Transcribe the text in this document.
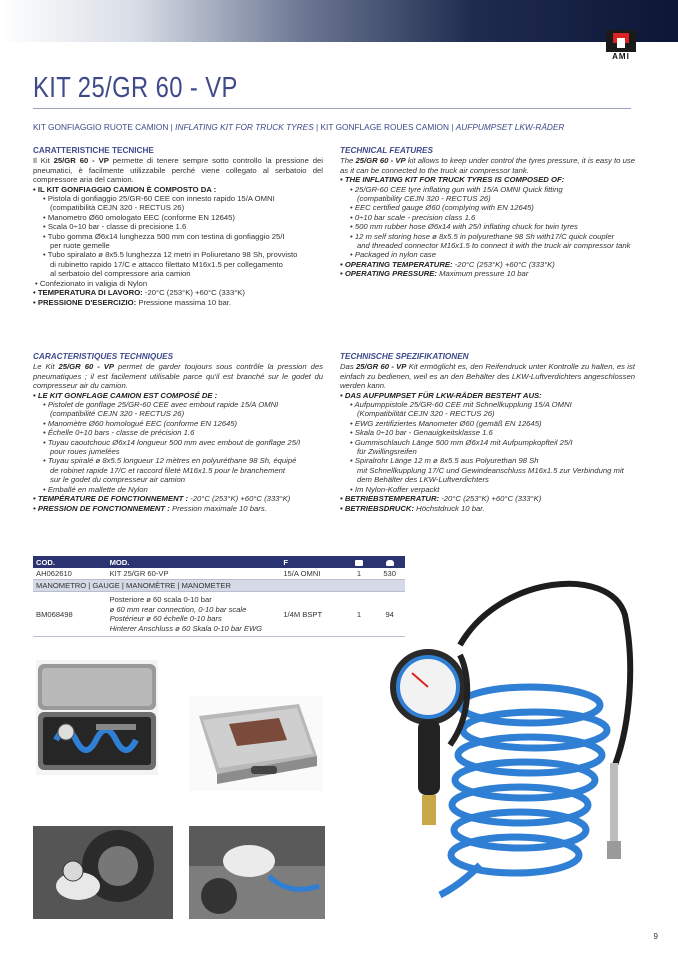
AMI
KIT 25/GR 60 - VP
KIT GONFIAGGIO RUOTE CAMION | INFLATING KIT FOR TRUCK TYRES | KIT GONFLAGE ROUES CAMION | AUFPUMPSET LKW-RÄDER
CARATTERISTICHE TECNICHE
Il Kit 25/GR 60 - VP permette di tenere sempre sotto controllo la pressione dei pneumatici, è facilmente utilizzabile perché viene collegato al serbatoio del compressore aria del camion.
• IL KIT GONFIAGGIO CAMION È COMPOSTO DA :
• Pistola di gonfiaggio 25/GR-60 CEE con innesto rapido 15/A OMNI
(compatibilità CEJN 320 - RECTUS 26)
• Manometro Ø60 omologato EEC (conforme EN 12645)
• Scala 0÷10 bar - classe di precisione 1.6
• Tubo gomma Ø6x14 lunghezza 500 mm con testina di gonfiaggio 25/I
per ruote gemelle
• Tubo spiralato ø 8x5.5 lunghezza 12 metri in Poliuretano 98 Sh, provvisto
di rubinetto rapido 17/C e attacco filettato M16x1.5 per collegamento
al serbatoio del compressore aria camion
• Confezionato in valigia di Nylon
• TEMPERATURA DI LAVORO: -20°C (253°K) +60°C (333°K)
• PRESSIONE D'ESERCIZIO: Pressione massima 10 bar.
TECHNICAL FEATURES
The 25/GR 60 - VP kit allows to keep under control the tyres pressure, it is easy to use as it can be connected to the truck air compressor tank.
• THE INFLATING KIT FOR TRUCK TYRES IS COMPOSED OF:
• 25/GR-60 CEE tyre inflating gun with 15/A OMNI Quick fitting
(compatibility CEJN 320 - RECTUS 26)
• EEC certified gauge Ø60 (complying with EN 12645)
• 0÷10 bar scale - precision class 1.6
• 500 mm rubber hose Ø6x14 with 25/I inflating chuck for twin tyres
• 12 m self storing hose ø 8x5.5 in polyurethane 98 Sh with17/C quick coupler
and threaded connector M16x1.5 to connect it with the truck air compressor tank
• Packaged in nylon case
• OPERATING TEMPERATURE: -20°C (253°K) +60°C (333°K)
• OPERATING PRESSURE: Maximum pressure 10 bar
CARACTERISTIQUES TECHNIQUES
Le Kit 25/GR 60 - VP permet de garder toujours sous contrôle la pression des pneumatiques ; il est facilement utilisable parce qu'il est branché sur le godet du compresseur air du camion.
• LE KIT GONFLAGE CAMION EST COMPOSÉ DE :
• Pistolet de gonflage 25/GR-60 CEE avec embout rapide 15/A OMNI
(compatibilité CEJN 320 - RECTUS 26)
• Manomètre Ø60 homologué EEC (conforme EN 12645)
• Échelle 0÷10 bars - classe de précision 1.6
• Tuyau caoutchouc Ø6x14 longueur 500 mm avec embout de gonflage 25/I
pour roues jumelées
• Tuyau spiralé ø 8x5.5 longueur 12 mètres en polyuréthane 98 Sh, équipé
de robinet rapide 17/C et raccord fileté M16x1.5 pour le branchement
sur le godet du compresseur air camion
• Emballé en mallette de Nylon
• TEMPÉRATURE DE FONCTIONNEMENT : -20°C (253°K) +60°C (333°K)
• PRESSION DE FONCTIONNEMENT : Pression maximale 10 bars.
TECHNISCHE SPEZIFIKATIONEN
Das 25/GR 60 - VP Kit ermöglicht es, den Reifendruck unter Kontrolle zu halten, es ist einfach zu bedienen, weil es an den Behälter des LKW-Luftverdichters angeschlossen werden kann.
• DAS AUFPUMPSET FÜR LKW-RÄDER BESTEHT AUS:
• Aufpumppistole 25/GR-60 CEE mit Schnellkupplung 15/A OMNI
(Kompatibilität CEJN 320 - RECTUS 26)
• EWG zertifiziertes Manometer Ø60 (gemäß EN 12645)
• Skala 0÷10 bar - Genauigkeitsklasse 1.6
• Gummischlauch Länge 500 mm Ø6x14 mit Aufpumpkopfteil 25/I
für Zwillingsreifen
• Spiralrohr Länge 12 m ø 8x5.5 aus Polyurethan 98 Sh
mit Schnellkupplung 17/C und Gewindeanschluss M16x1.5 zur Verbindung mit
dem Behälter des LKW-Luftverdichters
• Im Nylon-Koffer verpackt
• BETRIEBSTEMPERATUR: -20°C (253°K) +60°C (333°K)
• BETRIEBSDRUCK: Höchstdruck 10 bar.
COD.	MOD.	F		
AH062610	KIT 25/GR 60-VP	15/A OMNI	1	530
MANOMETRO | GAUGE | MANOMÈTRE | MANOMETER				
BM068498	Posteriore ø 60 scala 0-10 bar
ø 60 mm rear connection, 0-10 bar scale
Postérieur ø 60 échelle 0-10 bars
Hinterer Anschluss ø 60 Skala 0-10 bar EWG	1/4M BSPT	1	94
9
